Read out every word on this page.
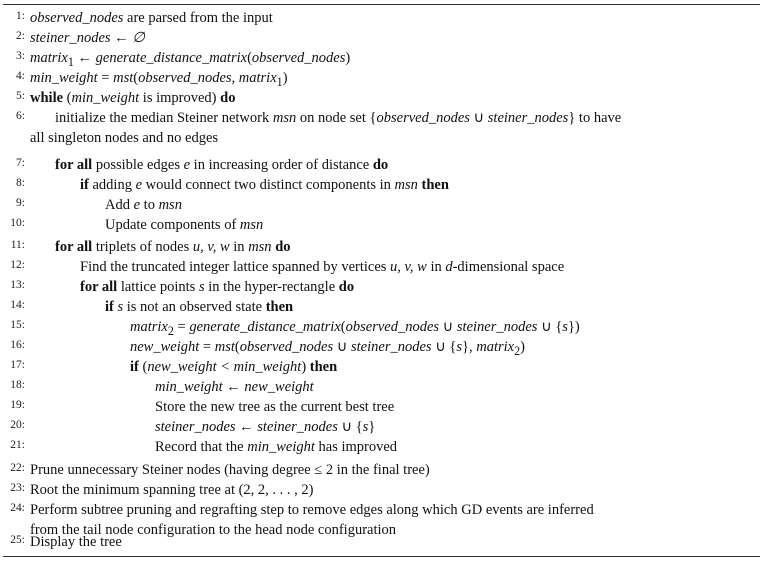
1: observed_nodes are parsed from the input
2: steiner_nodes ← ∅
3: matrix$_1$ ← generate_distance_matrix(observed_nodes)
4: min_weight = mst(observed_nodes, matrix$_1$)
5: while (min_weight is improved) do
6: initialize the median Steiner network msn on node set {observed_nodes ∪ steiner_nodes} to have
all singleton nodes and no edges
7: for all possible edges e in increasing order of distance do
8:	if adding e would connect two distinct components in msn then
9:	Add e to msn
10:	Update components of msn
11: for all triplets of nodes u, v, w in msn do
12:	Find the truncated integer lattice spanned by vertices u, v, w in d-dimensional space
13:	for all lattice points s in the hyper-rectangle do
14:	if s is not an observed state then
15:	matrix$_2$ = generate_distance_matrix(observed_nodes ∪ steiner_nodes ∪ {s})
16:	new_weight = mst(observed_nodes ∪ steiner_nodes ∪ {s}, matrix$_2$)
17:	if (new_weight < min_weight) then
18:	min_weight ← new_weight
19:	Store the new tree as the current best tree
20:	steiner_nodes ← steiner_nodes ∪ {s}
21:	Record that the min_weight has improved
22: Prune unnecessary Steiner nodes (having degree ≤ 2 in the final tree)
23: Root the minimum spanning tree at (2, 2, . . . , 2)
24: Perform subtree pruning and regrafting step to remove edges along which GD events are inferred
from the tail node configuration to the head node configuration
25: Display the tree
